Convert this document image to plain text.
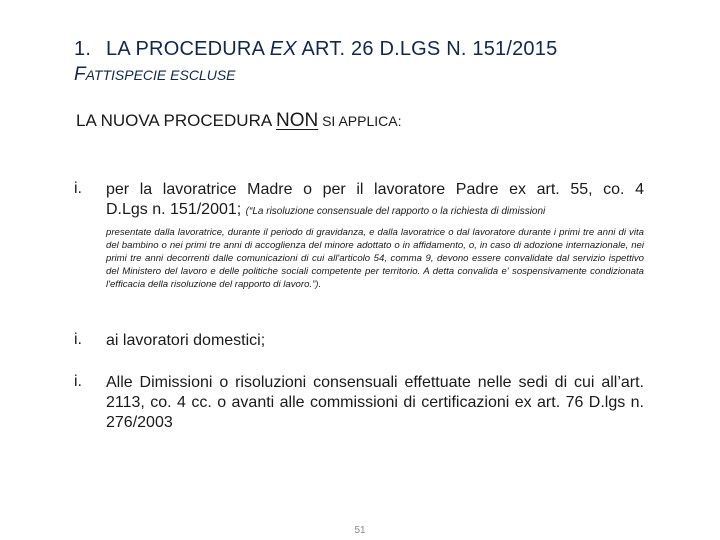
1. LA PROCEDURA EX ART. 26 D.LGS N. 151/2015
FATTISPECIE ESCLUSE
LA NUOVA PROCEDURA NON SI APPLICA:
i. per la lavoratrice Madre o per il lavoratore Padre ex art. 55, co. 4
D.Lgs n. 151/2001; (“La risoluzione consensuale del rapporto o la richiesta di dimissioni
presentate dalla lavoratrice, durante il periodo di gravidanza, e dalla lavoratrice o dal lavoratore durante i primi tre anni di vita del bambino o nei primi tre anni di accoglienza del minore adottato o in affidamento, o, in caso di adozione internazionale, nei primi tre anni decorrenti dalle comunicazioni di cui all'articolo 54, comma 9, devono essere convalidate dal servizio ispettivo del Ministero del lavoro e delle politiche sociali competente per territorio. A detta convalida e' sospensivamente condizionata l'efficacia della risoluzione del rapporto di lavoro.”).
i. ai lavoratori domestici;
i. Alle Dimissioni o risoluzioni consensuali effettuate nelle sedi di cui all’art. 2113, co. 4 cc. o avanti alle commissioni di certificazioni ex art. 76 D.lgs n. 276/2003
51
